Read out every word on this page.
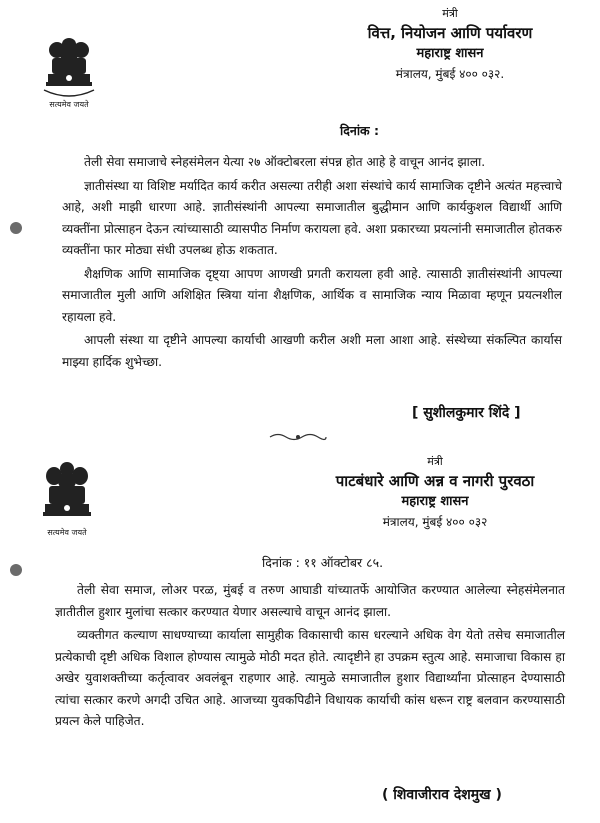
सत्यमेव जयते
मंत्री
वित्त, नियोजन आणि पर्यावरण
महाराष्ट्र शासन
मंत्रालय, मुंबई ४०० ०३२.
दिनांक :

तेली सेवा समाजाचे स्नेहसंमेलन येत्या २७ ऑक्टोबरला संपन्न होत आहे हे वाचून आनंद झाला.

ज्ञातीसंस्था या विशिष्ट मर्यादित कार्य करीत असल्या तरीही अशा संस्थांचे कार्य सामाजिक दृष्टीने अत्यंत महत्त्वाचे आहे, अशी माझी धारणा आहे. ज्ञातीसंस्थांनी आपल्या समाजातील बुद्धीमान आणि कार्यकुशल विद्यार्थी आणि व्यक्तींना प्रोत्साहन देऊन त्यांच्यासाठी व्यासपीठ निर्माण करायला हवे. अशा प्रकारच्या प्रयत्नांनी समाजातील होतकरु व्यक्तींना फार मोठ्या संधी उपलब्ध होऊ शकतात.

शैक्षणिक आणि सामाजिक दृष्ट्या आपण आणखी प्रगती करायला हवी आहे. त्यासाठी ज्ञातीसंस्थांनी आपल्या समाजातील मुली आणि अशिक्षित स्त्रिया यांना शैक्षणिक, आर्थिक व सामाजिक न्याय मिळावा म्हणून प्रयत्नशील रहायला हवे.

आपली संस्था या दृष्टीने आपल्या कार्याची आखणी करील अशी मला आशा आहे. संस्थेच्या संकल्पित कार्यास माझ्या हार्दिक शुभेच्छा.

[ सुशीलकुमार शिंदे ]
सत्यमेव जयते
मंत्री
पाटबंधारे आणि अन्न व नागरी पुरवठा
महाराष्ट्र शासन
मंत्रालय, मुंबई ४०० ०३२
दिनांक : ११ ऑक्टोबर ८५.

तेली सेवा समाज, लोअर परळ, मुंबई व तरुण आघाडी यांच्यातर्फे आयोजित करण्यात आलेल्या स्नेहसंमेलनात ज्ञातीतील हुशार मुलांचा सत्कार करण्यात येणार असल्याचे वाचून आनंद झाला.

व्यक्तीगत कल्याण साधण्याच्या कार्याला सामुहीक विकासाची कास धरल्याने अधिक वेग येतो तसेच समाजातील प्रत्येकाची दृष्टी अधिक विशाल होण्यास त्यामुळे मोठी मदत होते. त्यादृष्टीने हा उपक्रम स्तुत्य आहे. समाजाचा विकास हा अखेर युवाशक्तीच्या कर्तृत्वावर अवलंबून राहणार आहे. त्यामुळे समाजातील हुशार विद्यार्थ्यांना प्रोत्साहन देण्यासाठी त्यांचा सत्कार करणे अगदी उचित आहे. आजच्या युवकपिढीने विधायक कार्याची कांस धरून राष्ट्र बलवान करण्यासाठी प्रयत्न केले पाहिजेत.

( शिवाजीराव देशमुख )
